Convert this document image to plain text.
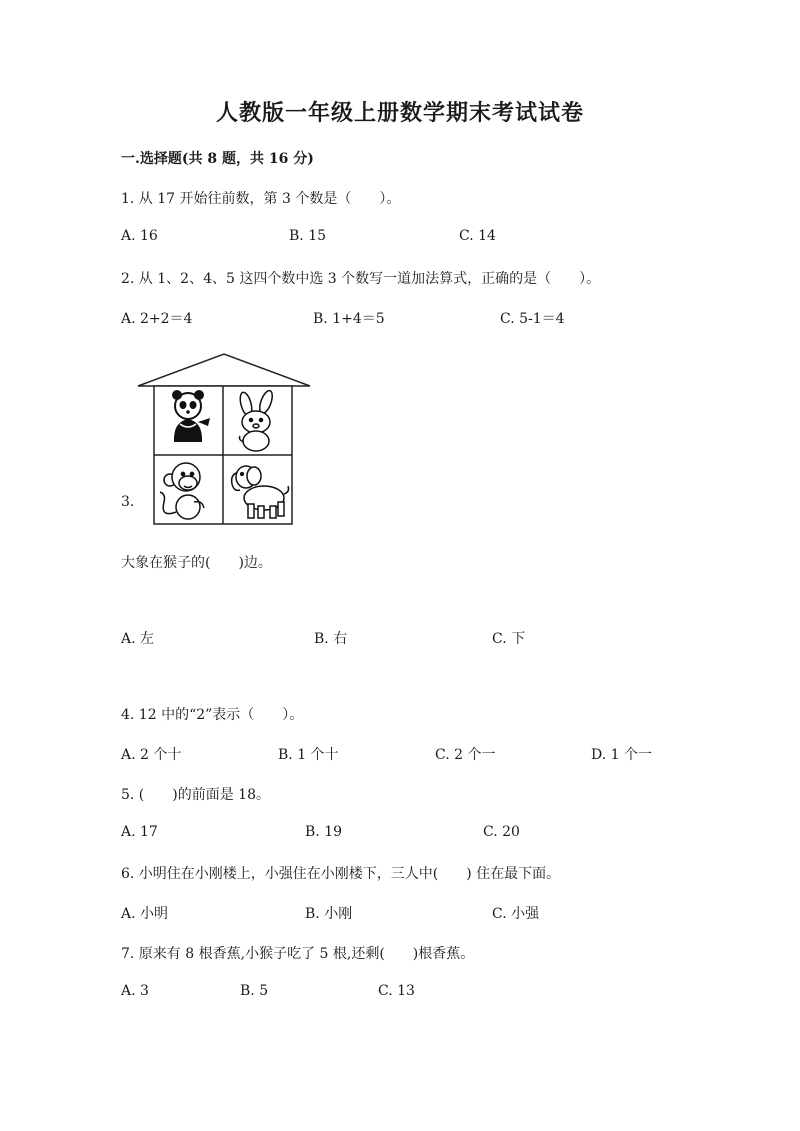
人教版一年级上册数学期末考试试卷
一.选择题(共 8 题，共 16 分)
1. 从 17 开始往前数，第 3 个数是（　　）。
A. 16	B. 15	C. 14
2. 从 1、2、4、5 这四个数中选 3 个数写一道加法算式，正确的是（　　）。
A. 2+2＝4	B. 1+4＝5	C. 5-1＝4
3.
大象在猴子的(　　)边。
A. 左	B. 右	C. 下
4. 12 中的“2”表示（　　）。
A. 2 个十	B. 1 个十	C. 2 个一	D. 1 个一
5. (　　)的前面是 18。
A. 17	B. 19	C. 20
6. 小明住在小刚楼上，小强住在小刚楼下，三人中(　　) 住在最下面。
A. 小明	B. 小刚	C. 小强
7. 原来有 8 根香蕉,小猴子吃了 5 根,还剩(　　)根香蕉。
A. 3	B. 5	C. 13
